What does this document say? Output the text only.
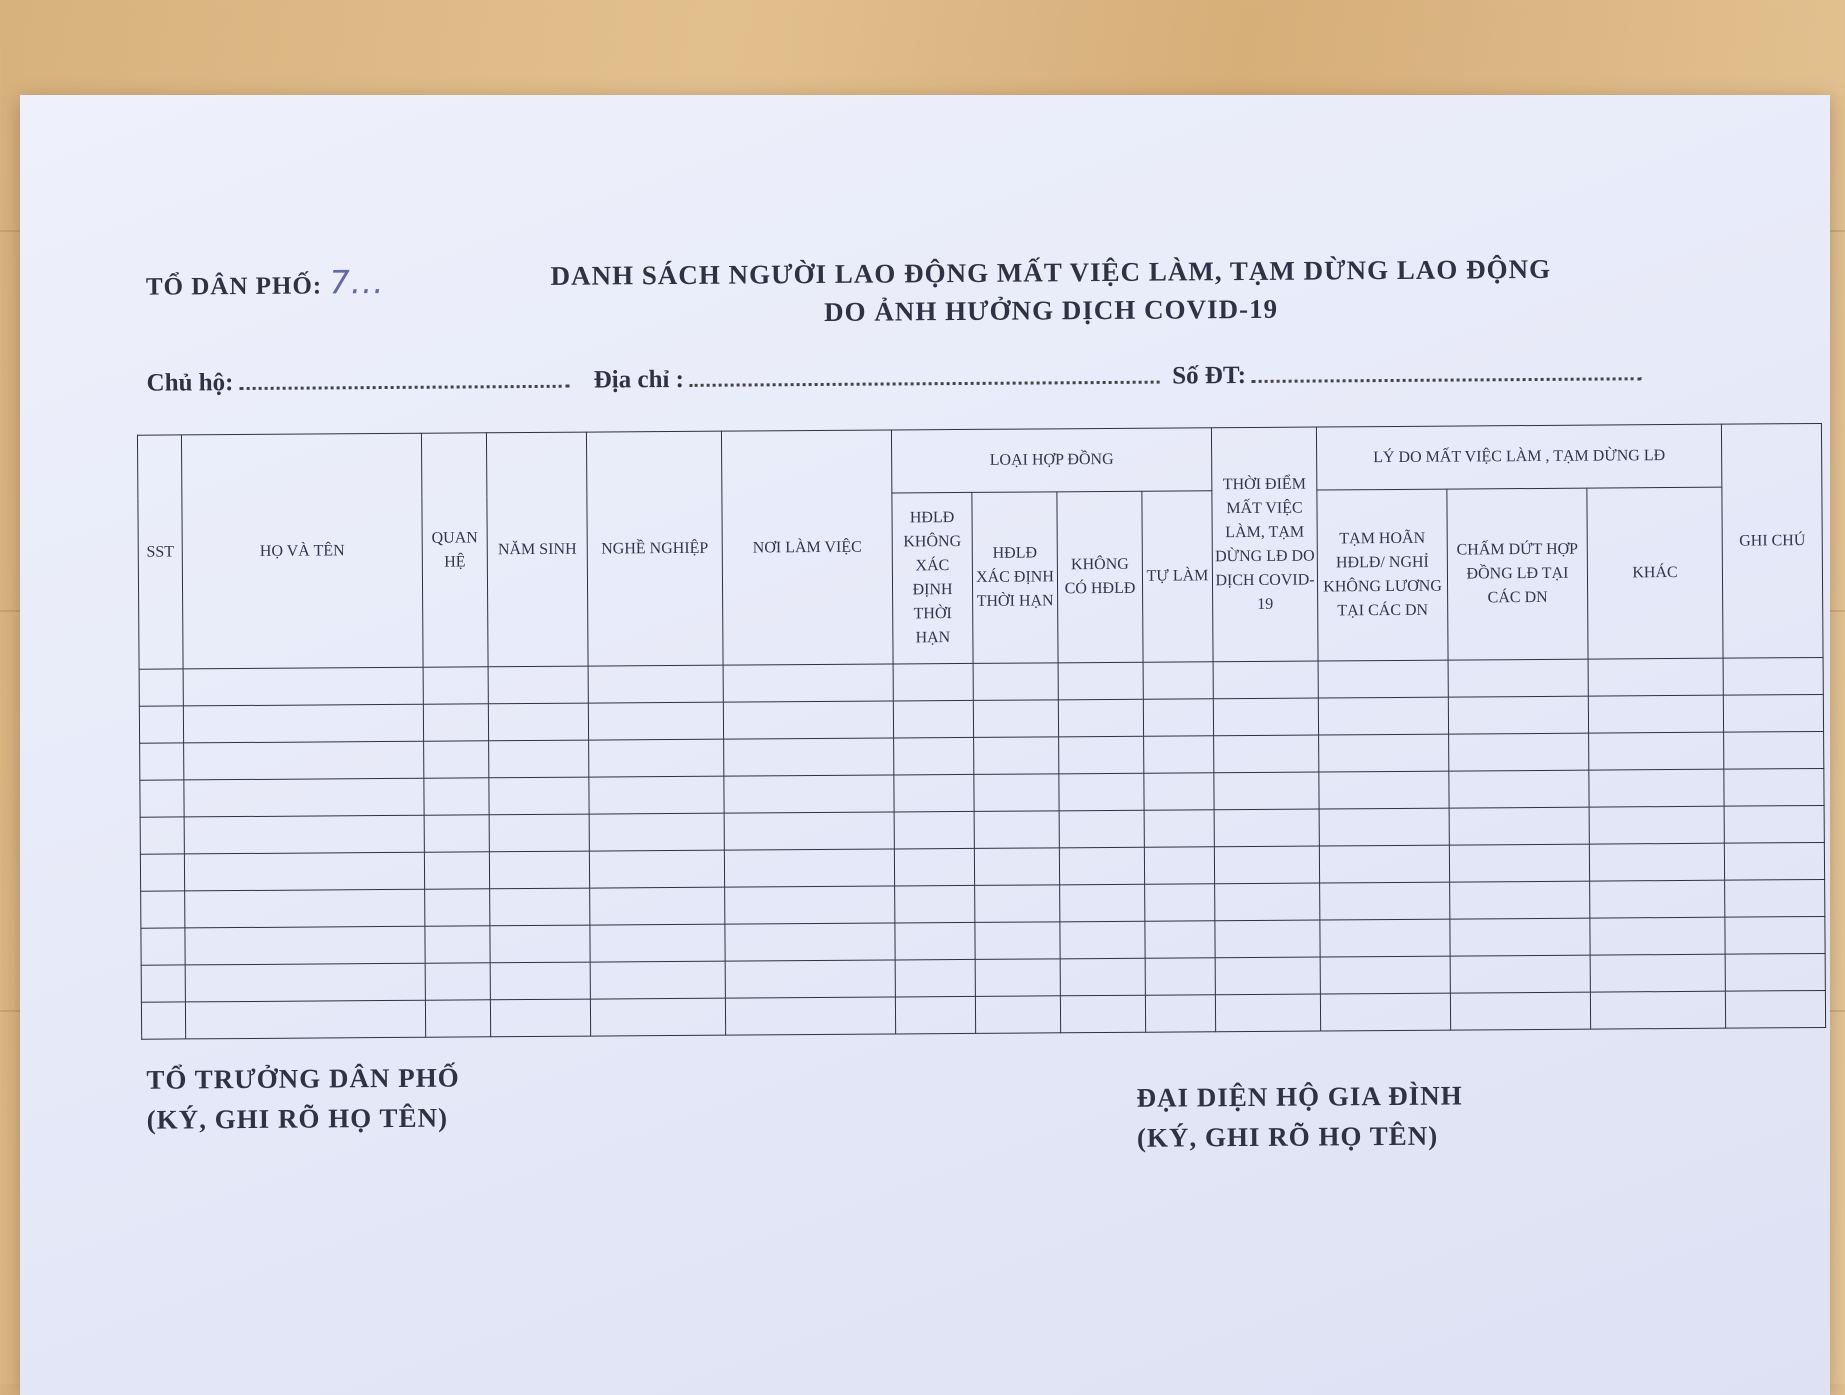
TỔ DÂN PHỐ: 7...	DANH SÁCH NGƯỜI LAO ĐỘNG MẤT VIỆC LÀM, TẠM DỪNG LAO ĐỘNG
DO ẢNH HƯỞNG DỊCH COVID-19
Chủ hộ:	Địa chỉ :	Số ĐT:
SST	HỌ VÀ TÊN	QUAN HỆ	NĂM SINH	NGHỀ NGHIỆP	NƠI LÀM VIỆC	LOẠI HỢP ĐỒNG				THỜI ĐIỂM MẤT VIỆC LÀM, TẠM DỪNG LĐ DO DỊCH COVID-19	LÝ DO MẤT VIỆC LÀM , TẠM DỪNG LĐ			GHI CHÚ
						HĐLĐ KHÔNG XÁC ĐỊNH THỜI HẠN	HĐLĐ XÁC ĐỊNH THỜI HẠN	KHÔNG CÓ HĐLĐ	TỰ LÀM		TẠM HOÃN HĐLĐ/ NGHỈ KHÔNG LƯƠNG TẠI CÁC DN	CHẤM DỨT HỢP ĐỒNG LĐ TẠI CÁC DN	KHÁC	

TỔ TRƯỞNG DÂN PHỐ
(KÝ, GHI RÕ HỌ TÊN)
ĐẠI DIỆN HỘ GIA ĐÌNH
(KÝ, GHI RÕ HỌ TÊN)
